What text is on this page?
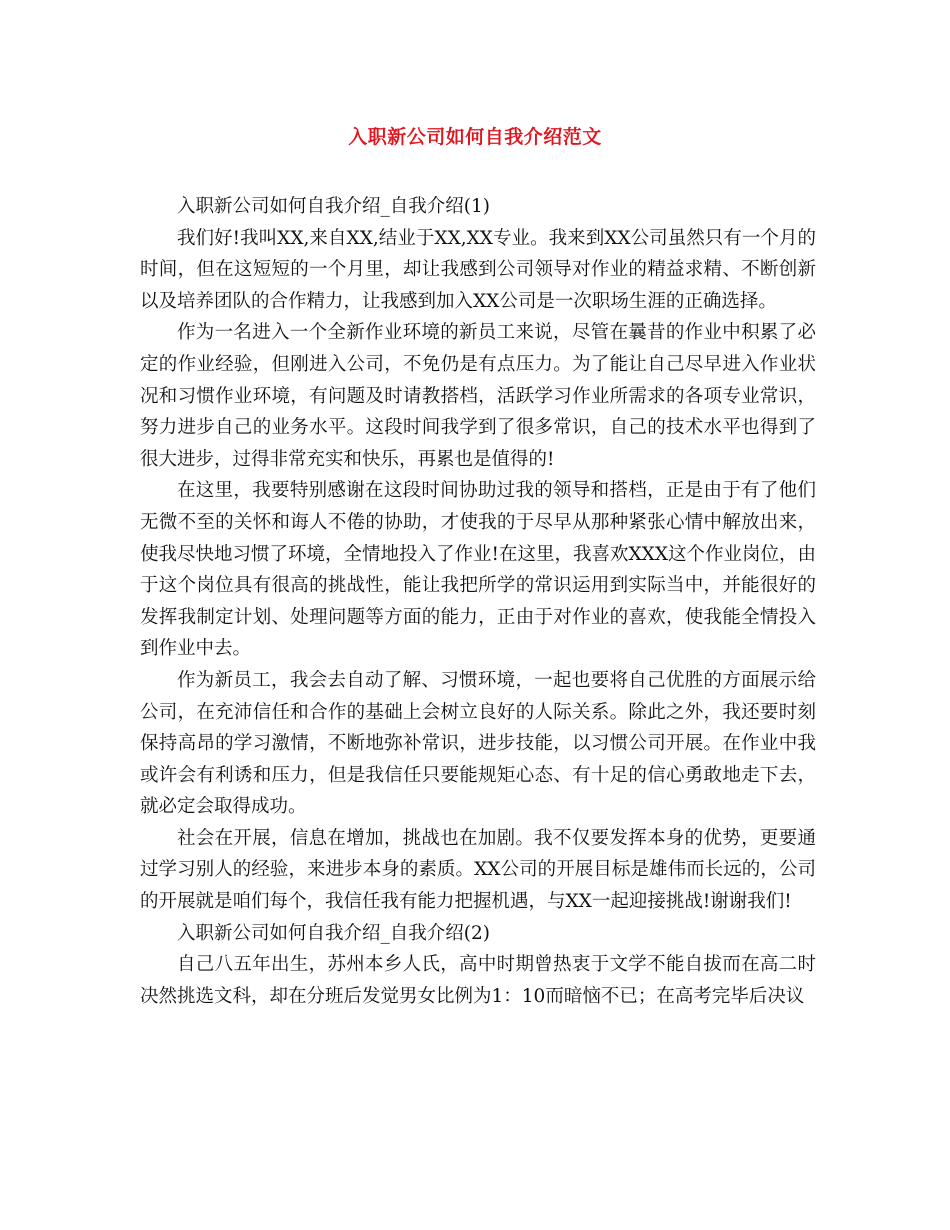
入职新公司如何自我介绍范文

入职新公司如何自我介绍_自我介绍(1)

我们好!我叫XX,来自XX,结业于XX,XX专业。我来到XX公司虽然只有一个月的时间，但在这短短的一个月里，却让我感到公司领导对作业的精益求精、不断创新以及培养团队的合作精力，让我感到加入XX公司是一次职场生涯的正确选择。

作为一名进入一个全新作业环境的新员工来说，尽管在曩昔的作业中积累了必定的作业经验，但刚进入公司，不免仍是有点压力。为了能让自己尽早进入作业状况和习惯作业环境，有问题及时请教搭档，活跃学习作业所需求的各项专业常识，努力进步自己的业务水平。这段时间我学到了很多常识，自己的技术水平也得到了很大进步，过得非常充实和快乐，再累也是值得的!

在这里，我要特别感谢在这段时间协助过我的领导和搭档，正是由于有了他们无微不至的关怀和诲人不倦的协助，才使我的于尽早从那种紧张心情中解放出来，使我尽快地习惯了环境，全情地投入了作业!在这里，我喜欢XXX这个作业岗位，由于这个岗位具有很高的挑战性，能让我把所学的常识运用到实际当中，并能很好的发挥我制定计划、处理问题等方面的能力，正由于对作业的喜欢，使我能全情投入到作业中去。

作为新员工，我会去自动了解、习惯环境，一起也要将自己优胜的方面展示给公司，在充沛信任和合作的基础上会树立良好的人际关系。除此之外，我还要时刻保持高昂的学习激情，不断地弥补常识，进步技能，以习惯公司开展。在作业中我或许会有利诱和压力，但是我信任只要能规矩心态、有十足的信心勇敢地走下去，就必定会取得成功。

社会在开展，信息在增加，挑战也在加剧。我不仅要发挥本身的优势，更要通过学习别人的经验，来进步本身的素质。XX公司的开展目标是雄伟而长远的，公司的开展就是咱们每个，我信任我有能力把握机遇，与XX一起迎接挑战!谢谢我们!

入职新公司如何自我介绍_自我介绍(2)

自己八五年出生，苏州本乡人氏，高中时期曾热衷于文学不能自拔而在高二时决然挑选文科，却在分班后发觉男女比例为1：10而暗恼不已；在高考完毕后决议
